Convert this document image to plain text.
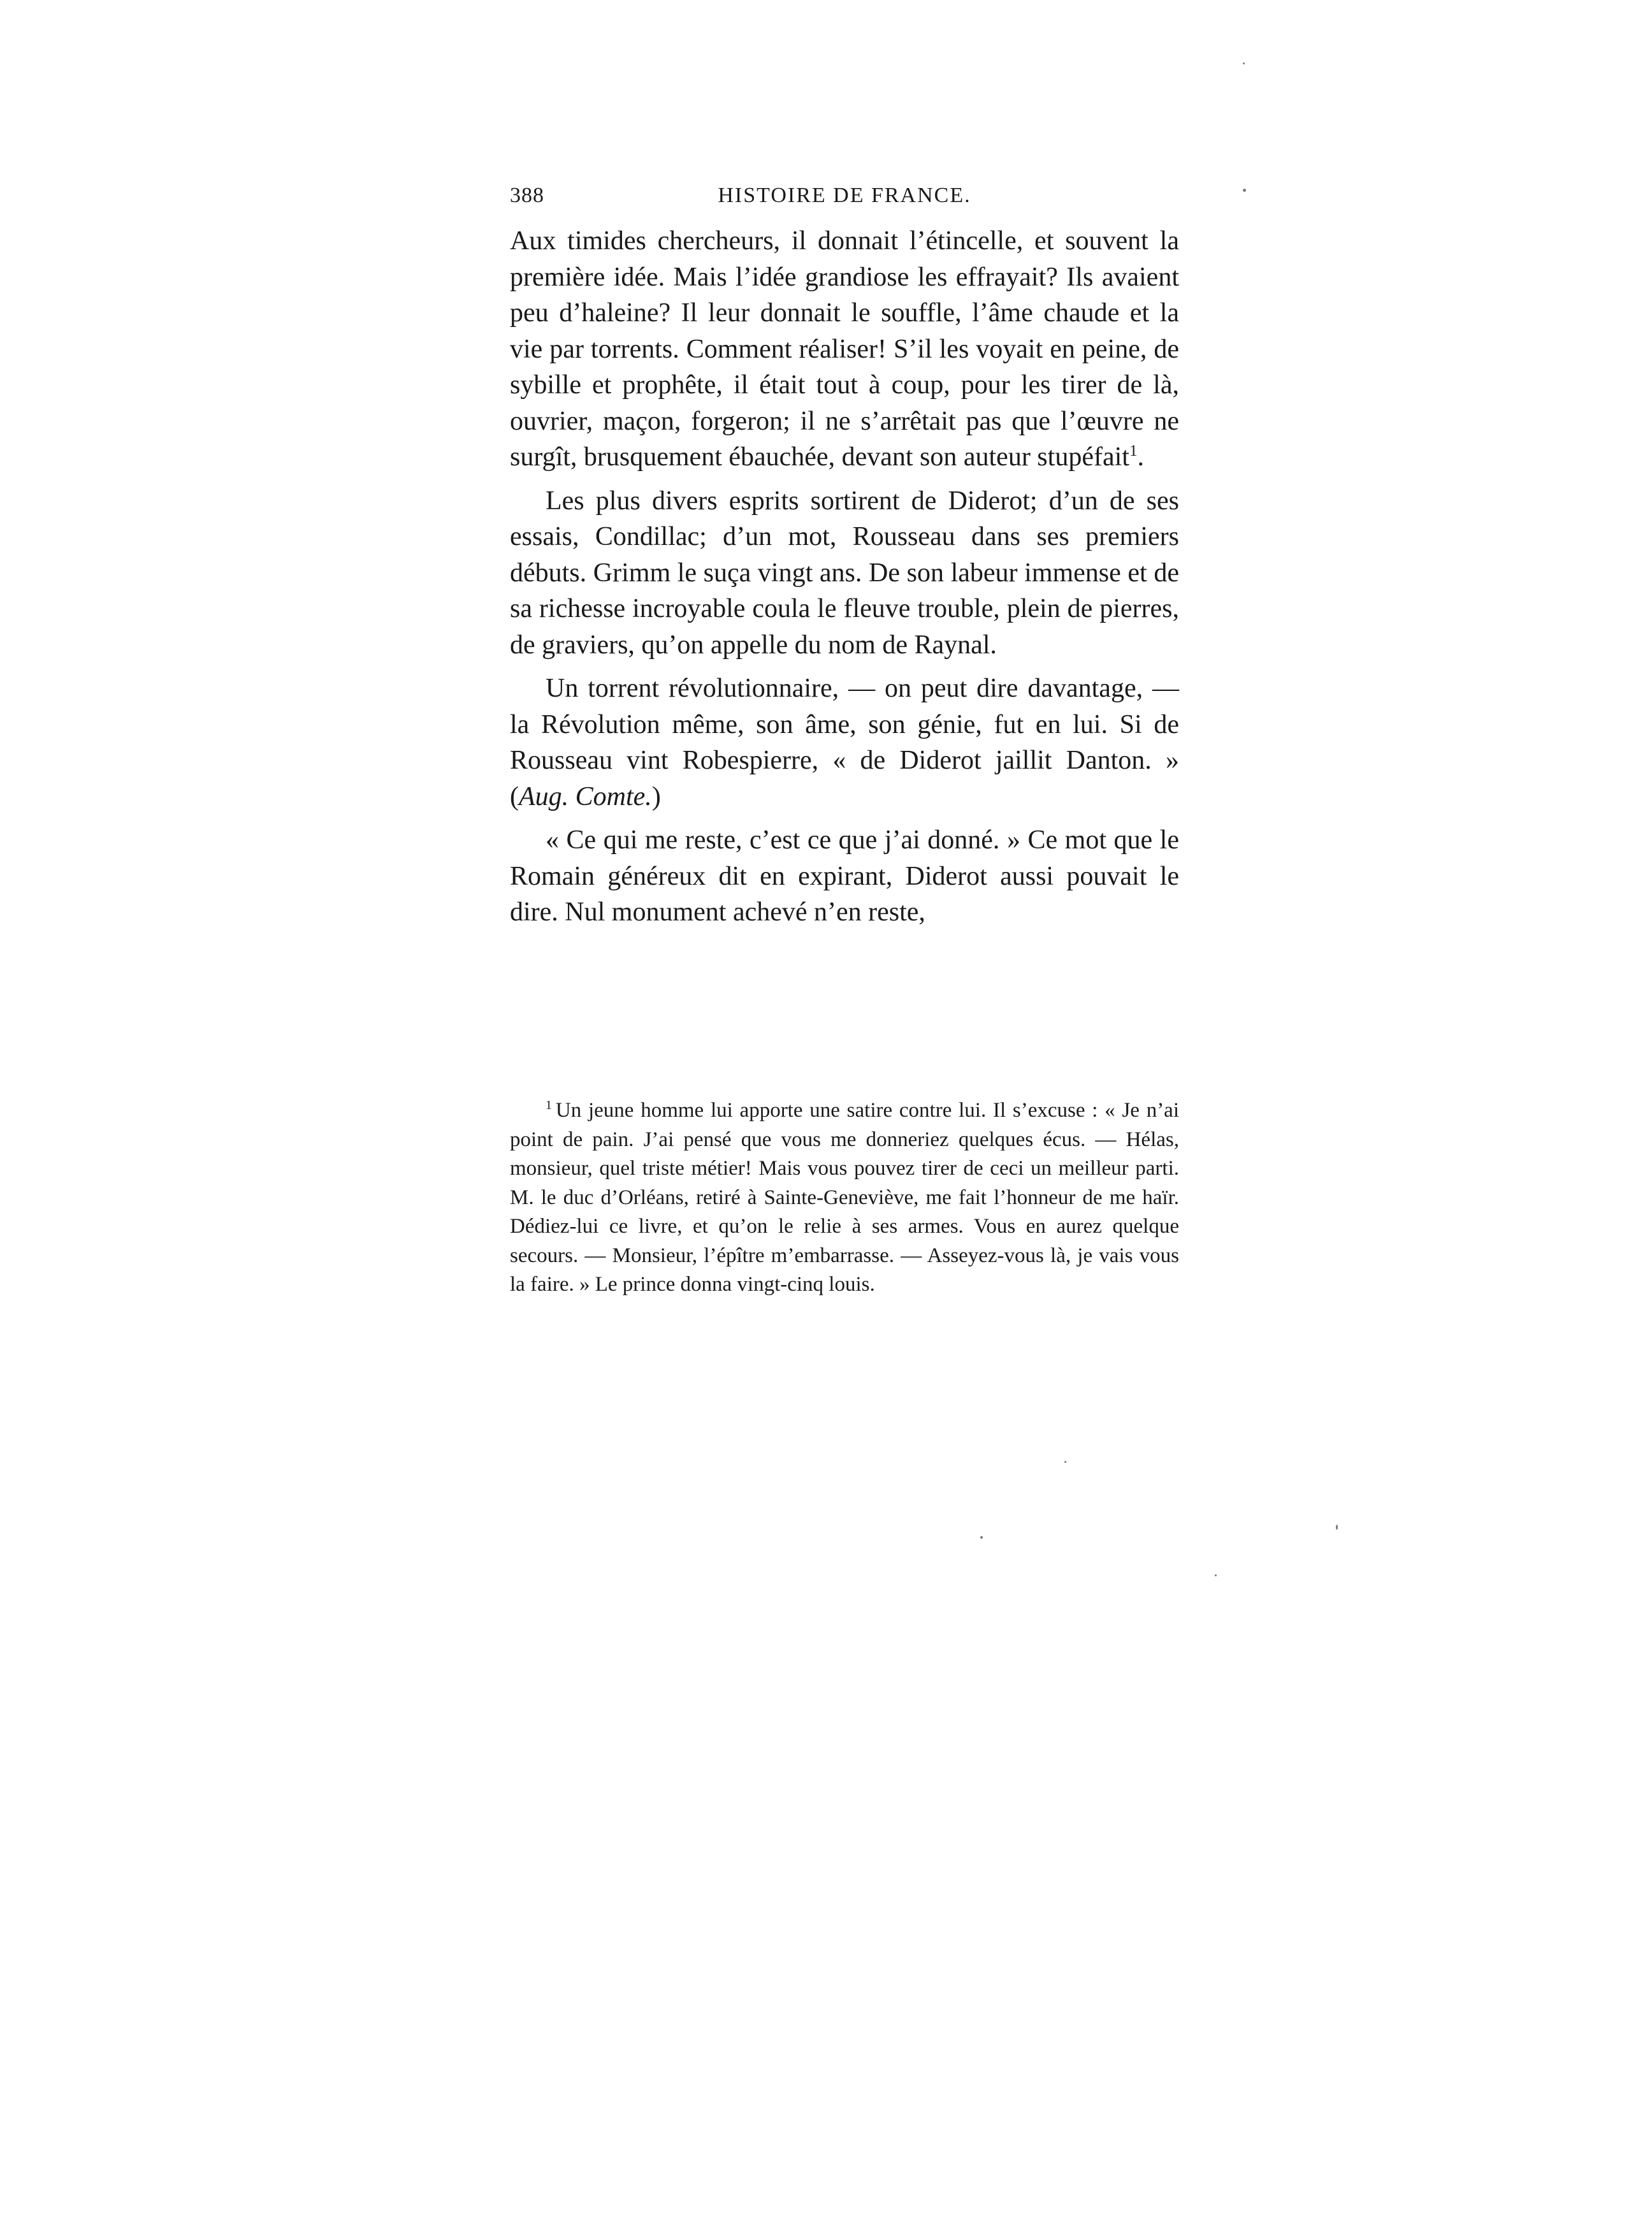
388	HISTOIRE DE FRANCE.

Aux timides chercheurs, il donnait l’étincelle, et souvent la première idée. Mais l’idée grandiose les effrayait? Ils avaient peu d’haleine? Il leur donnait le souffle, l’âme chaude et la vie par torrents. Comment réaliser! S’il les voyait en peine, de sybille et prophête, il était tout à coup, pour les tirer de là, ouvrier, maçon, forgeron; il ne s’arrêtait pas que l’œuvre ne surgît, brusquement ébauchée, devant son auteur stupéfait$^1$.

Les plus divers esprits sortirent de Diderot; d’un de ses essais, Condillac; d’un mot, Rousseau dans ses premiers débuts. Grimm le suça vingt ans. De son labeur immense et de sa richesse incroyable coula le fleuve trouble, plein de pierres, de graviers, qu’on appelle du nom de Raynal.

Un torrent révolutionnaire, — on peut dire davantage, — la Révolution même, son âme, son génie, fut en lui. Si de Rousseau vint Robespierre, « de Diderot jaillit Danton. » (Aug. Comte.)

« Ce qui me reste, c’est ce que j’ai donné. » Ce mot que le Romain généreux dit en expirant, Diderot aussi pouvait le dire. Nul monument achevé n’en reste,

$^1$ Un jeune homme lui apporte une satire contre lui. Il s’excuse : « Je n’ai point de pain. J’ai pensé que vous me donneriez quelques écus. — Hélas, monsieur, quel triste métier! Mais vous pouvez tirer de ceci un meilleur parti. M. le duc d’Orléans, retiré à Sainte-Geneviève, me fait l’honneur de me haïr. Dédiez-lui ce livre, et qu’on le relie à ses armes. Vous en aurez quelque secours. — Monsieur, l’épître m’embarrasse. — Asseyez-vous là, je vais vous la faire. » Le prince donna vingt-cinq louis.
